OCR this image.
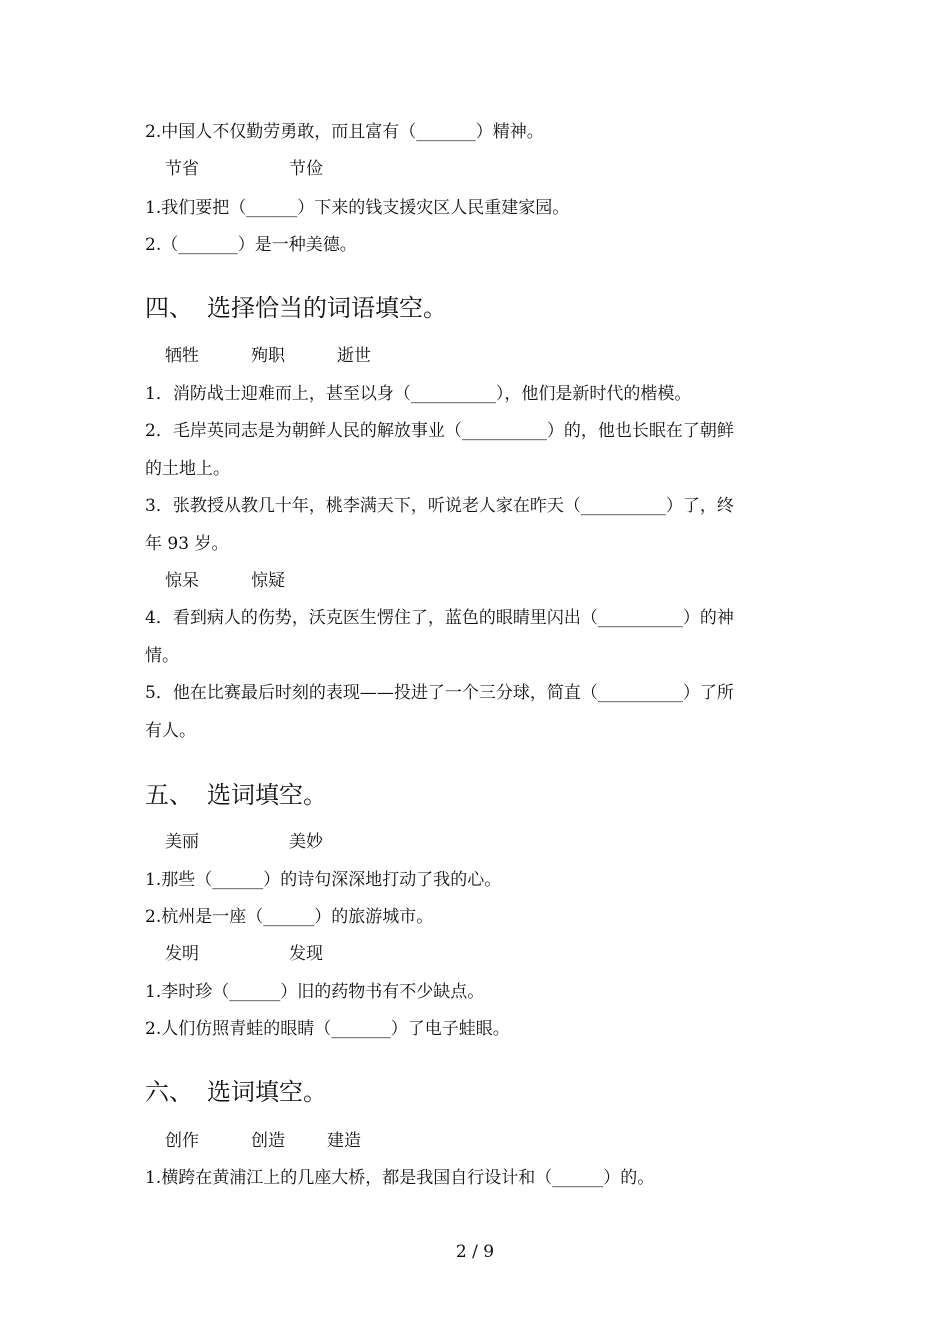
2.中国人不仅勤劳勇敢，而且富有（_______）精神。
节省	节俭
1.我们要把（______）下来的钱支援灾区人民重建家园。
2.（_______）是一种美德。
四、 选择恰当的词语填空。
牺牲	殉职	逝世
1．消防战士迎难而上，甚至以身（__________），他们是新时代的楷模。
2．毛岸英同志是为朝鲜人民的解放事业（__________）的，他也长眠在了朝鲜
的土地上。
3．张教授从教几十年，桃李满天下，听说老人家在昨天（__________）了，终
年 93 岁。
惊呆	惊疑
4．看到病人的伤势，沃克医生愣住了，蓝色的眼睛里闪出（__________）的神
情。
5．他在比赛最后时刻的表现——投进了一个三分球，简直（__________）了所
有人。
五、 选词填空。
美丽	美妙
1.那些（______）的诗句深深地打动了我的心。
2.杭州是一座（______）的旅游城市。
发明	发现
1.李时珍（______）旧的药物书有不少缺点。
2.人们仿照青蛙的眼睛（_______）了电子蛙眼。
六、 选词填空。
创作	创造 建造
1.横跨在黄浦江上的几座大桥，都是我国自行设计和（______）的。
2 / 9
